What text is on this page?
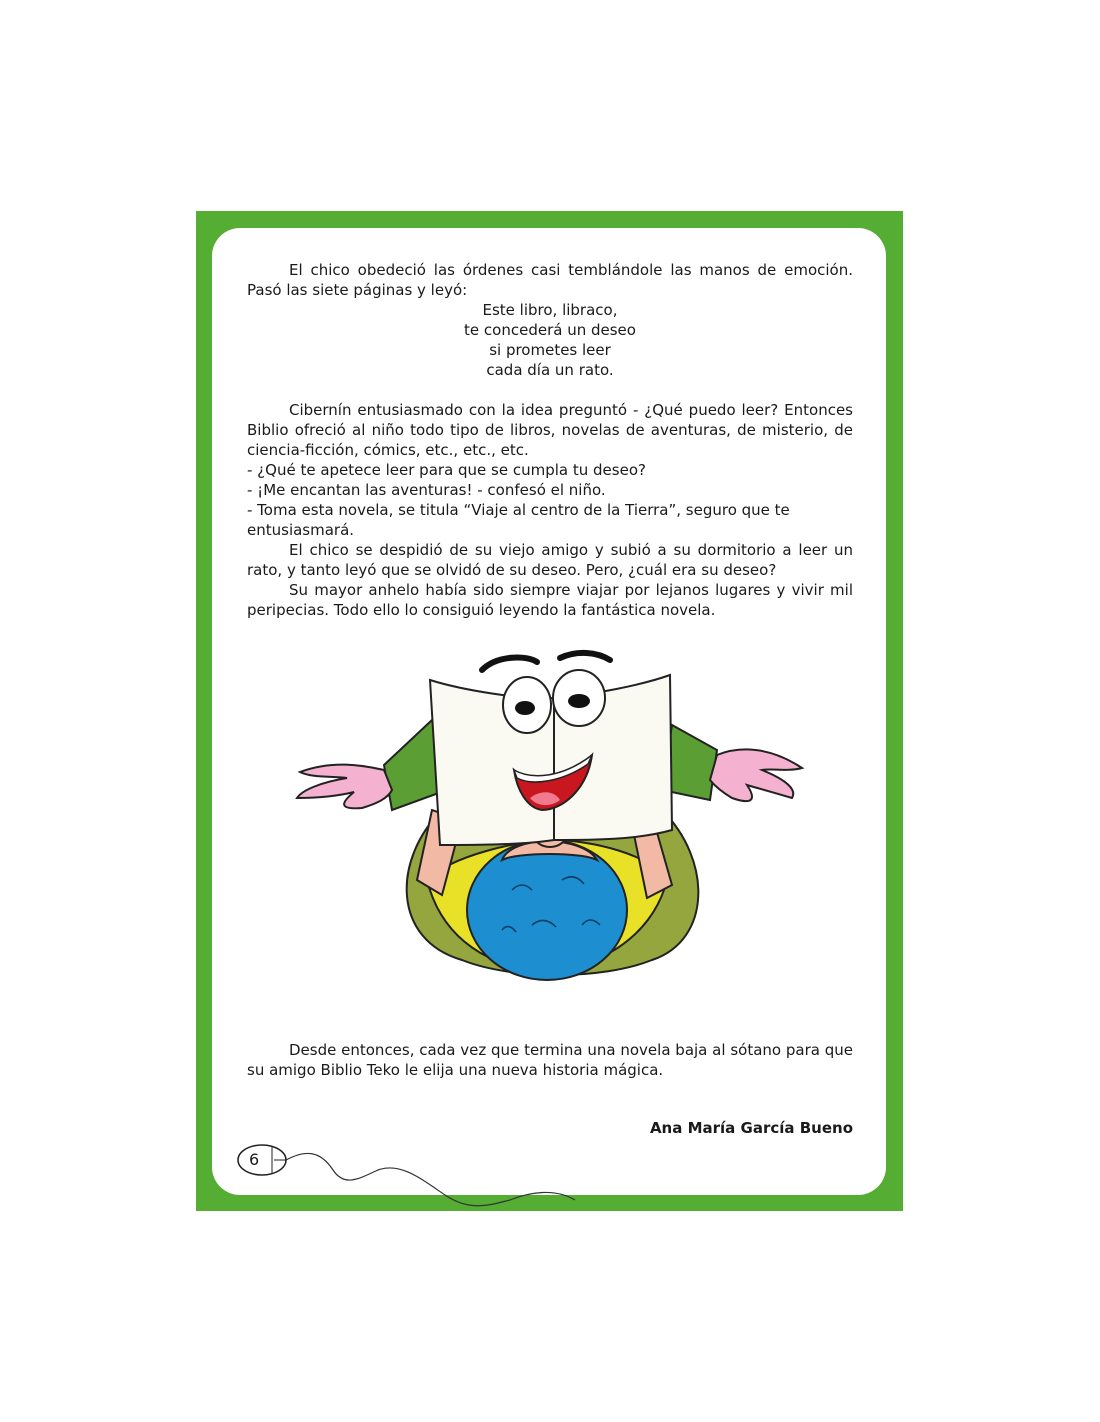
El chico obedeció las órdenes casi temblándole las manos de emoción. Pasó las siete páginas y leyó:

Este libro, libraco,

te concederá un deseo

si prometes leer

cada día un rato.

Cibernín entusiasmado con la idea preguntó - ¿Qué puedo leer? Entonces Biblio ofreció al niño todo tipo de libros, novelas de aventuras, de misterio, de ciencia-ficción, cómics, etc., etc., etc.

- ¿Qué te apetece leer para que se cumpla tu deseo?

- ¡Me encantan las aventuras! - confesó el niño.

- Toma esta novela, se titula “Viaje al centro de la Tierra”, seguro que te entusiasmará.

El chico se despidió de su viejo amigo y subió a su dormitorio a leer un rato, y tanto leyó que se olvidó de su deseo. Pero, ¿cuál era su deseo?

Su mayor anhelo había sido siempre viajar por lejanos lugares y vivir mil peripecias. Todo ello lo consiguió leyendo la fantástica novela.

Desde entonces, cada vez que termina una novela baja al sótano para que su amigo Biblio Teko le elija una nueva historia mágica.

Ana María García Bueno
6
